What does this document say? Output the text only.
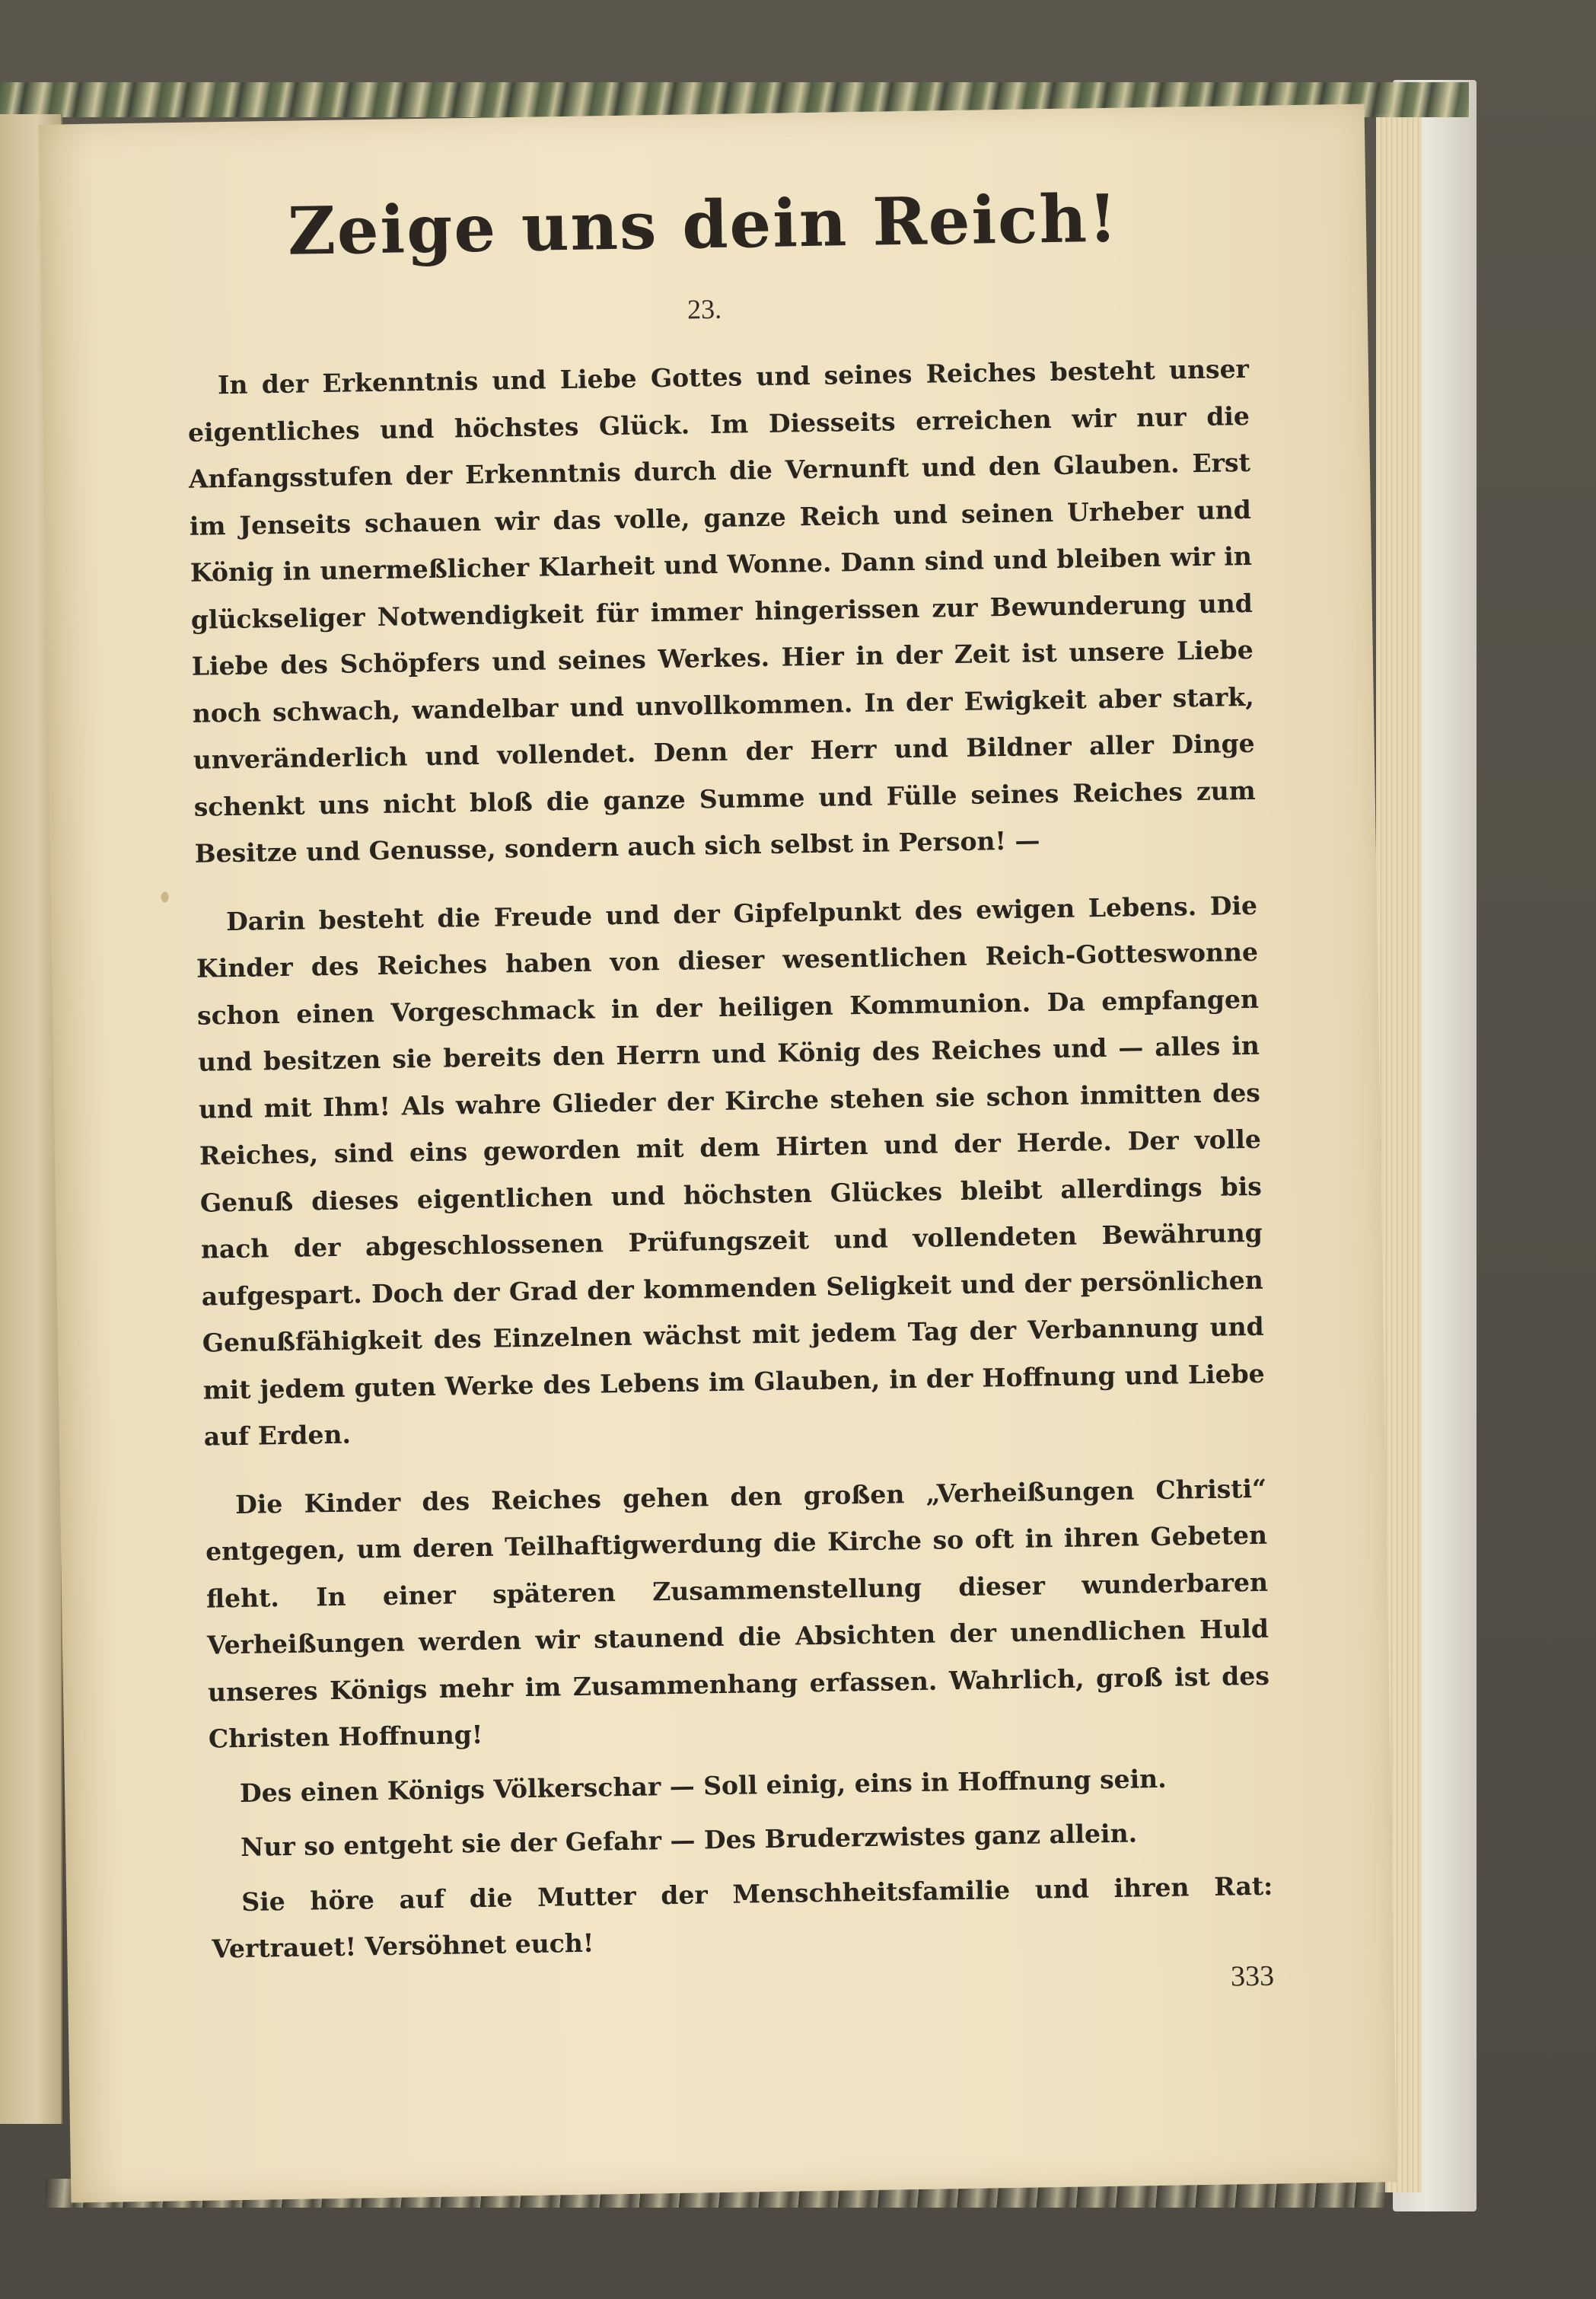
Zeige uns dein Reich!
23.

In der Erkenntnis und Liebe Gottes und seines Reiches besteht unser eigentliches und höchstes Glück. Im Diesseits erreichen wir nur die Anfangsstufen der Erkenntnis durch die Vernunft und den Glauben. Erst im Jenseits schauen wir das volle, ganze Reich und seinen Urheber und König in unermeßlicher Klarheit und Wonne. Dann sind und bleiben wir in glückseliger Notwendigkeit für immer hingerissen zur Bewunderung und Liebe des Schöpfers und seines Werkes. Hier in der Zeit ist unsere Liebe noch schwach, wandelbar und unvollkommen. In der Ewigkeit aber stark, unveränderlich und vollendet. Denn der Herr und Bildner aller Dinge schenkt uns nicht bloß die ganze Summe und Fülle seines Reiches zum Besitze und Genusse, sondern auch sich selbst in Person! —

Darin besteht die Freude und der Gipfelpunkt des ewigen Lebens. Die Kinder des Reiches haben von dieser wesentlichen Reich-Gotteswonne schon einen Vorgeschmack in der heiligen Kommunion. Da empfangen und besitzen sie bereits den Herrn und König des Reiches und — alles in und mit Ihm! Als wahre Glieder der Kirche stehen sie schon inmitten des Reiches, sind eins geworden mit dem Hirten und der Herde. Der volle Genuß dieses eigentlichen und höchsten Glückes bleibt allerdings bis nach der abgeschlossenen Prüfungszeit und vollendeten Bewährung aufgespart. Doch der Grad der kommenden Seligkeit und der persönlichen Genußfähigkeit des Einzelnen wächst mit jedem Tag der Verbannung und mit jedem guten Werke des Lebens im Glauben, in der Hoffnung und Liebe auf Erden.

Die Kinder des Reiches gehen den großen „Verheißungen Christi“ entgegen, um deren Teilhaftigwerdung die Kirche so oft in ihren Gebeten fleht. In einer späteren Zusammenstellung dieser wunderbaren Verheißungen werden wir staunend die Absichten der unendlichen Huld unseres Königs mehr im Zusammenhang erfassen. Wahrlich, groß ist des Christen Hoffnung!

Des einen Königs Völkerschar — Soll einig, eins in Hoffnung sein.

Nur so entgeht sie der Gefahr — Des Bruderzwistes ganz allein.

Sie höre auf die Mutter der Menschheitsfamilie und ihren Rat: Vertrauet! Versöhnet euch!

333
